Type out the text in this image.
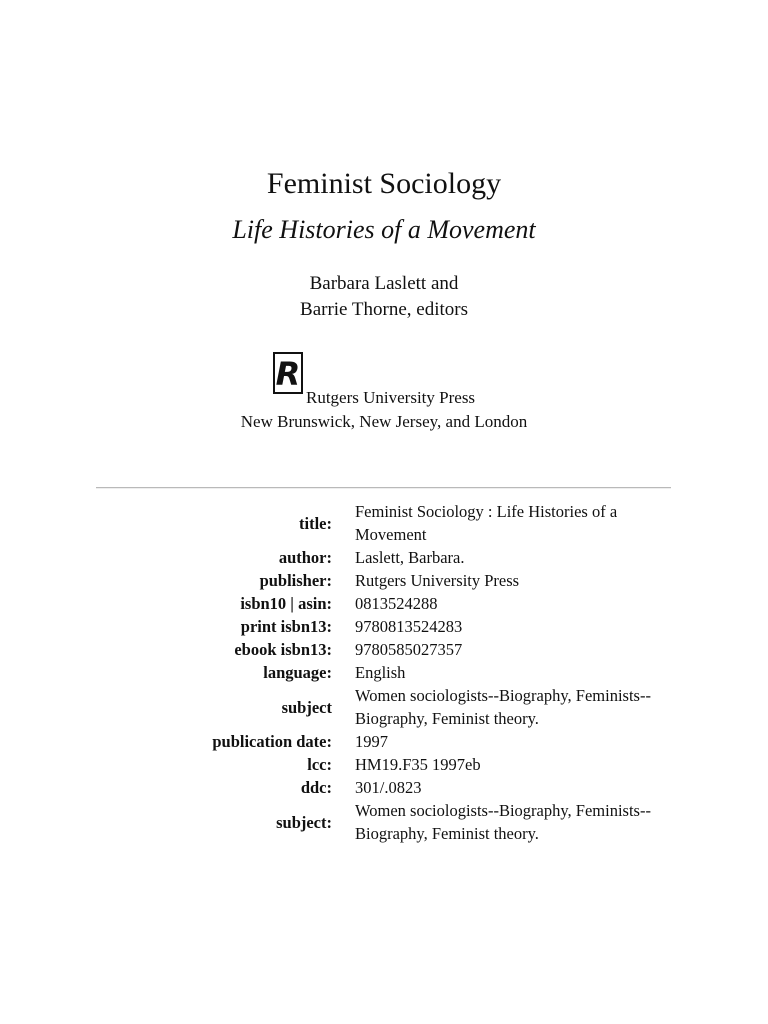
Feminist Sociology
Life Histories of a Movement
Barbara Laslett and
Barrie Thorne, editors
R
Rutgers University Press
New Brunswick, New Jersey, and London
title:	Feminist Sociology : Life Histories of a Movement
author:	Laslett, Barbara.
publisher:	Rutgers University Press
isbn10 | asin:	0813524288
print isbn13:	9780813524283
ebook isbn13:	9780585027357
language:	English
subject	Women sociologists--Biography, Feminists--Biography, Feminist theory.
publication date:	1997
lcc:	HM19.F35 1997eb
ddc:	301/.0823
subject:	Women sociologists--Biography, Feminists--Biography, Feminist theory.
